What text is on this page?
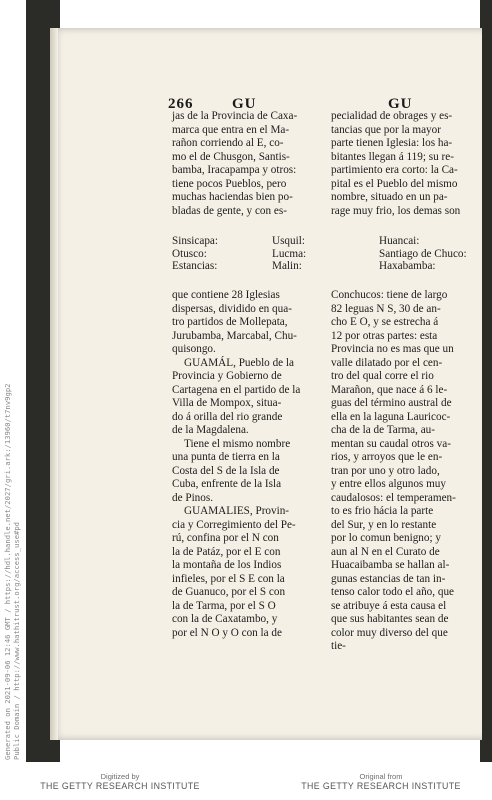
266	GU	GU
jas de la Provincia de Caxa-
marca que entra en el Ma-
rañon corriendo al E, co-
mo el de Chusgon, Santis-
bamba, Iracapampa y otros:
tiene pocos Pueblos, pero
muchas haciendas bien po-
bladas de gente, y con es-
pecialidad de obrages y es-
tancias que por la mayor
parte tienen Iglesia: los ha-
bitantes llegan á 119; su re-
partimiento era corto: la Ca-
pital es el Pueblo del mismo
nombre, situado en un pa-
rage muy frio, los demas son
Sinsicapa:
Otusco:
Estancias:
Usquil:
Lucma:
Malin:
Huancai:
Santiago de Chuco:
Haxabamba:
que contiene 28 Iglesias
dispersas, dividido en qua-
tro partidos de Mollepata,
Jurubamba, Marcabal, Chu-
quisongo.
GUAMÁL, Pueblo de la
Provincia y Gobierno de
Cartagena en el partido de la
Villa de Mompox, situa-
do á orilla del rio grande
de la Magdalena.
Tiene el mismo nombre
una punta de tierra en la
Costa del S de la Isla de
Cuba, enfrente de la Isla
de Pinos.
GUAMALIES, Provin-
cia y Corregimiento del Pe-
rú, confina por el N con
la de Patáz, por el E con
la montaña de los Indios
infieles, por el S E con la
de Guanuco, por el S con
la de Tarma, por el S O
con la de Caxatambo, y
por el N O y O con la de
Conchucos: tiene de largo
82 leguas N S, 30 de an-
cho E O, y se estrecha á
12 por otras partes: esta
Provincia no es mas que un
valle dilatado por el cen-
tro del qual corre el rio
Marañon, que nace á 6 le-
guas del término austral de
ella en la laguna Lauricoc-
cha de la de Tarma, au-
mentan su caudal otros va-
rios, y arroyos que le en-
tran por uno y otro lado,
y entre ellos algunos muy
caudalosos: el temperamen-
to es frio hácia la parte
del Sur, y en lo restante
por lo comun benigno; y
aun al N en el Curato de
Huacaibamba se hallan al-
gunas estancias de tan in-
tenso calor todo el año, que
se atribuye á esta causa el
que sus habitantes sean de
color muy diverso del que
tie-
Generated on 2021-09-06 12:46 GMT / https://hdl.handle.net/2027/gri.ark:/13960/t7nv9gp2 Public Domain / http://www.hathitrust.org/access_use#pd
Digitized by
THE GETTY RESEARCH INSTITUTE
Original from
THE GETTY RESEARCH INSTITUTE
